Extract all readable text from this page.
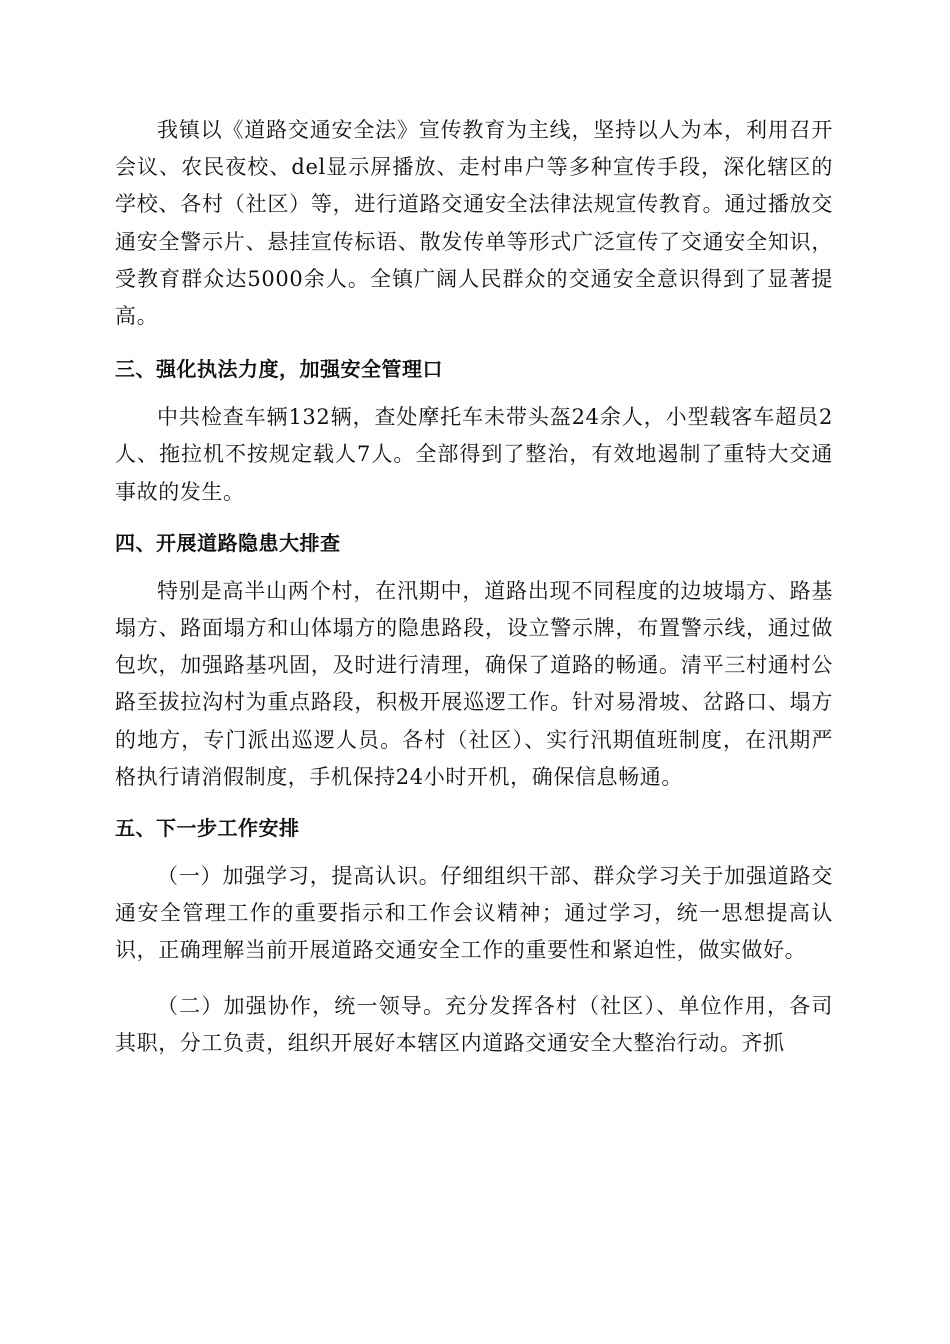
我镇以《道路交通安全法》宣传教育为主线，坚持以人为本，利用召开会议、农民夜校、del显示屏播放、走村串户等多种宣传手段，深化辖区的学校、各村（社区）等，进行道路交通安全法律法规宣传教育。通过播放交通安全警示片、悬挂宣传标语、散发传单等形式广泛宣传了交通安全知识，受教育群众达5000余人。全镇广阔人民群众的交通安全意识得到了显著提高。

三、强化执法力度，加强安全管理口

中共检查车辆132辆，查处摩托车未带头盔24余人，小型载客车超员2人、拖拉机不按规定载人7人。全部得到了整治，有效地遏制了重特大交通事故的发生。

四、开展道路隐患大排查

特别是高半山两个村，在汛期中，道路出现不同程度的边坡塌方、路基塌方、路面塌方和山体塌方的隐患路段，设立警示牌，布置警示线，通过做包坎，加强路基巩固，及时进行清理，确保了道路的畅通。清平三村通村公路至拔拉沟村为重点路段，积极开展巡逻工作。针对易滑坡、岔路口、塌方的地方，专门派出巡逻人员。各村（社区）、实行汛期值班制度，在汛期严格执行请消假制度，手机保持24小时开机，确保信息畅通。

五、下一步工作安排

（一）加强学习，提高认识。仔细组织干部、群众学习关于加强道路交通安全管理工作的重要指示和工作会议精神；通过学习，统一思想提高认识，正确理解当前开展道路交通安全工作的重要性和紧迫性，做实做好。

（二）加强协作，统一领导。充分发挥各村（社区）、单位作用，各司其职，分工负责，组织开展好本辖区内道路交通安全大整治行动。齐抓
